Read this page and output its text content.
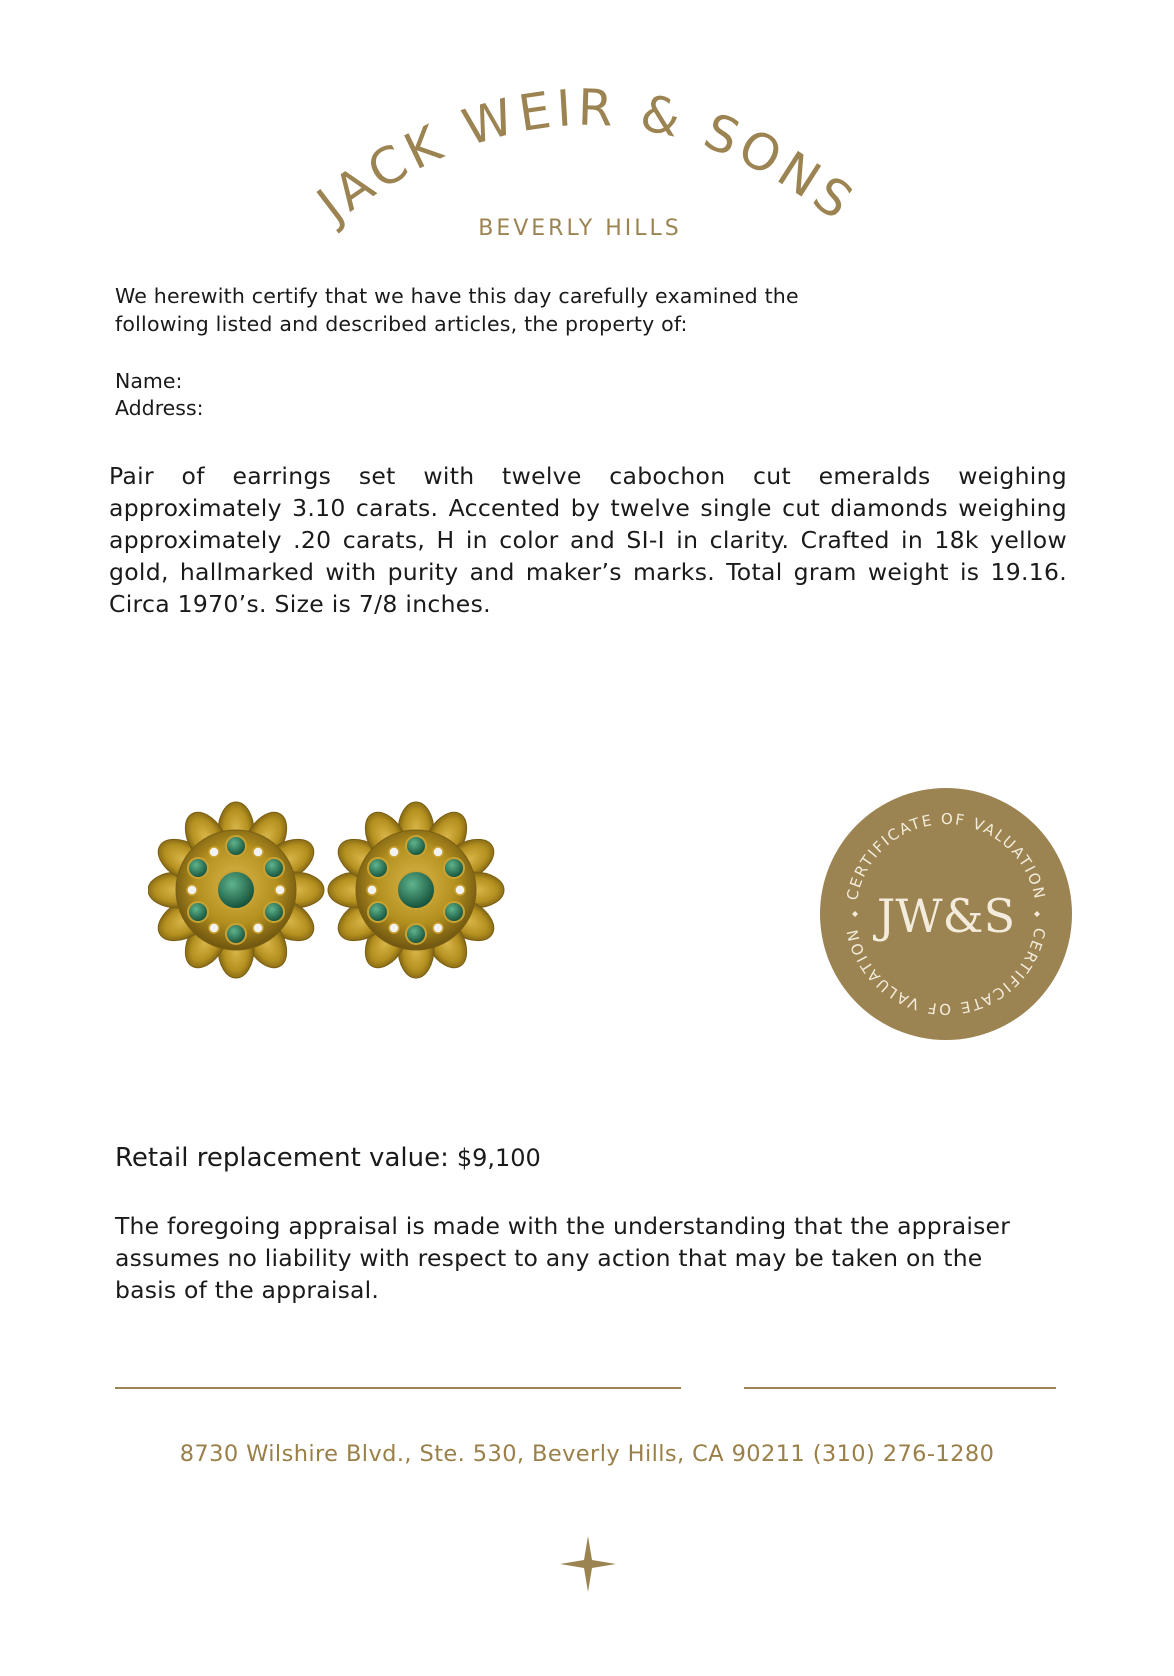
JACK WEIR & SONS
BEVERLY HILLS

We herewith certify that we have this day carefully examined the

following listed and described articles, the property of:

Name:
Address:
Pair of earrings set with twelve cabochon cut emeralds weighing approximately 3.10 carats. Accented by twelve single cut diamonds weighing approximately .20 carats, H in color and SI-I in clarity. Crafted in 18k yellow gold, hallmarked with purity and maker’s marks. Total gram weight is 19.16. Circa 1970’s. Size is 7/8 inches.
CERTIFICATE OF VALUATION
CERTIFICATE OF VALUATION JW&S
Retail replacement value: $9,100
The foregoing appraisal is made with the understanding that the appraiser assumes no liability with respect to any action that may be taken on the basis of the appraisal.
8730 Wilshire Blvd., Ste. 530, Beverly Hills, CA 90211 (310) 276-1280
